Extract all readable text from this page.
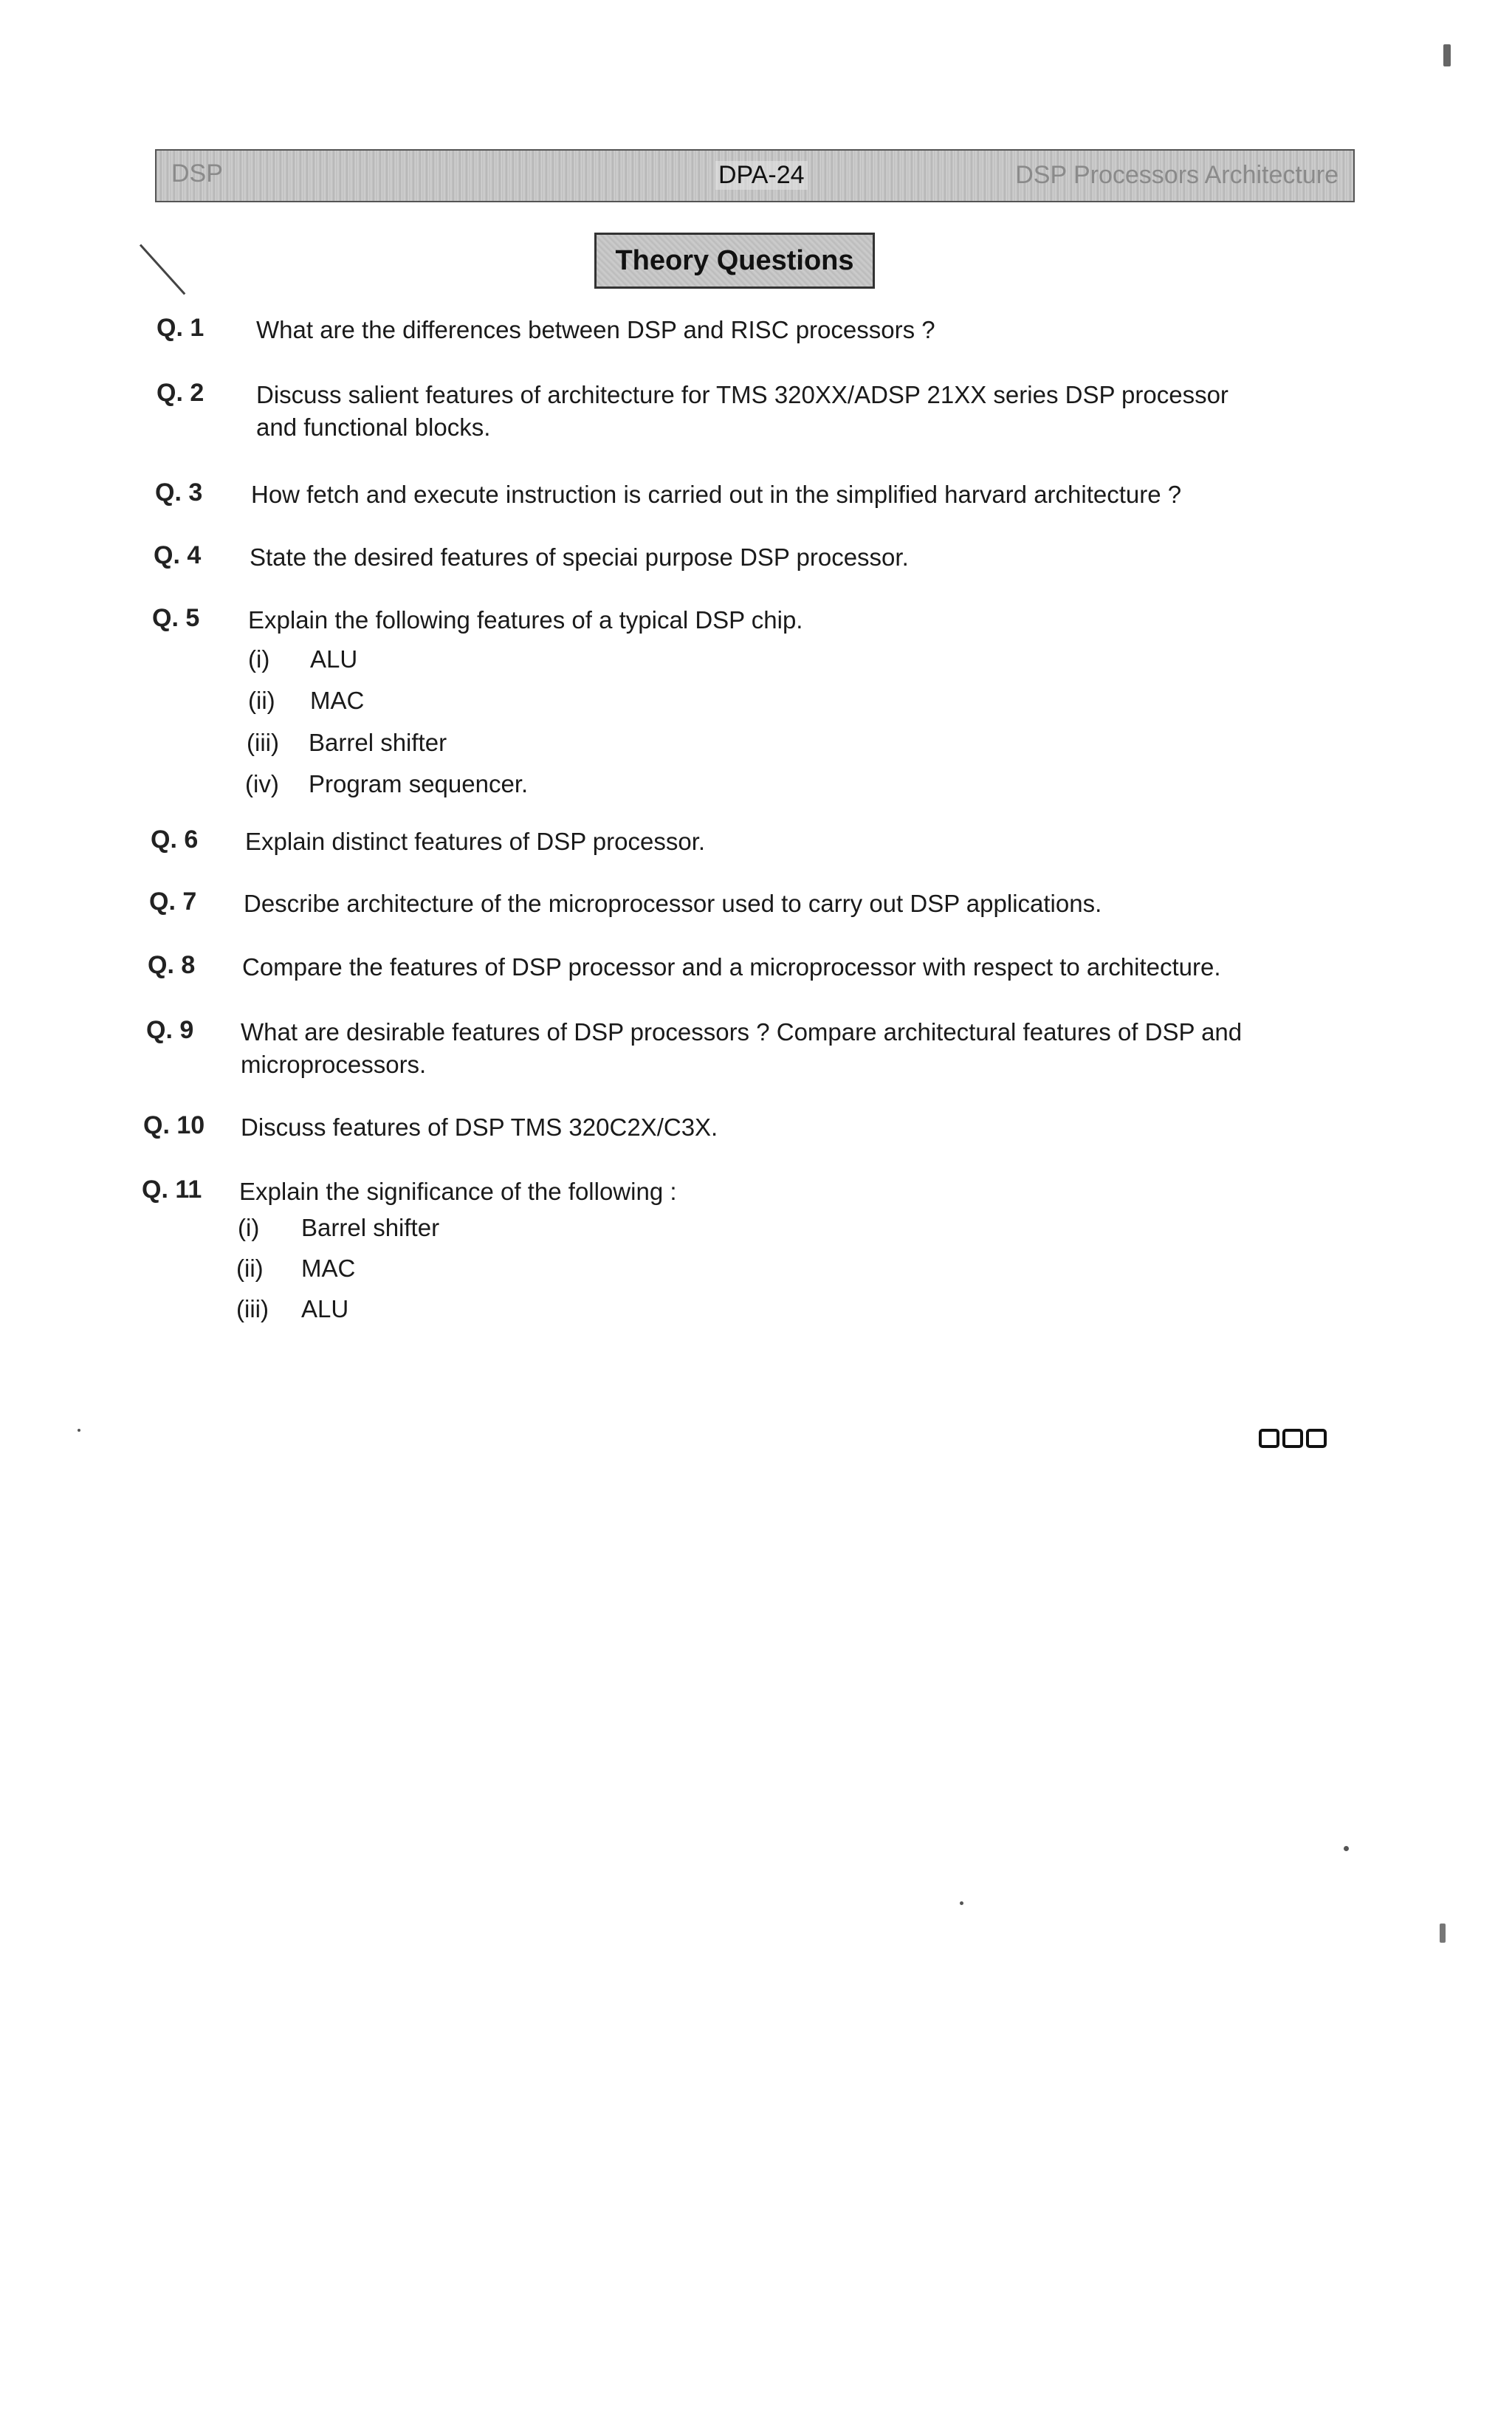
DSP	DPA-24	DSP Processors Architecture
Theory Questions
Q. 1	What are the differences between DSP and RISC processors ?
Q. 2	Discuss salient features of architecture for TMS 320XX/ADSP 21XX series DSP processor
and functional blocks.
Q. 3	How fetch and execute instruction is carried out in the simplified harvard architecture ?
Q. 4	State the desired features of speciai purpose DSP processor.
Q. 5	Explain the following features of a typical DSP chip.
(i)	ALU
(ii)	MAC
(iii)	Barrel shifter
(iv)	Program sequencer.
Q. 6	Explain distinct features of DSP processor.
Q. 7	Describe architecture of the microprocessor used to carry out DSP applications.
Q. 8	Compare the features of DSP processor and a microprocessor with respect to architecture.
Q. 9	What are desirable features of DSP processors ? Compare architectural features of DSP and
microprocessors.
Q. 10	Discuss features of DSP TMS 320C2X/C3X.
Q. 11	Explain the significance of the following :
(i)	Barrel shifter
(ii)	MAC
(iii)	ALU
